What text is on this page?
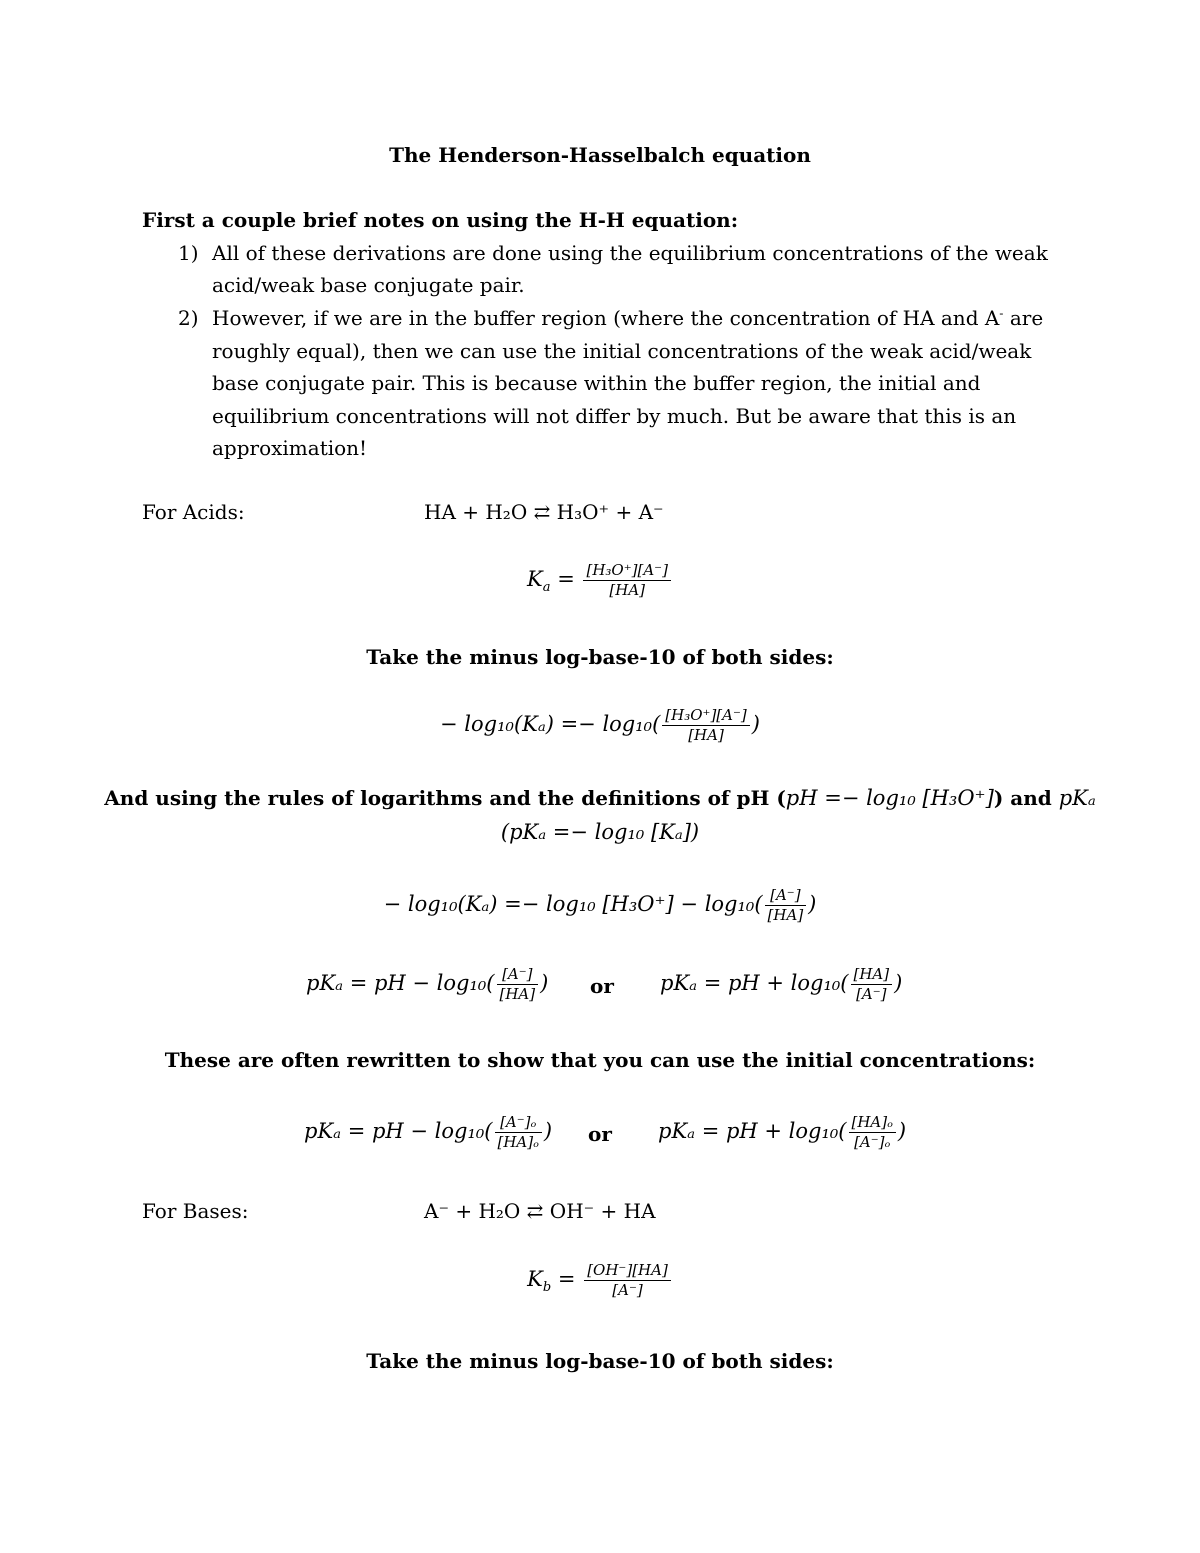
The Henderson-Hasselbalch equation
First a couple brief notes on using the H-H equation:
1) All of these derivations are done using the equilibrium concentrations of the weak
acid/weak base conjugate pair.
2) However, if we are in the buffer region (where the concentration of HA and A- are
roughly equal), then we can use the initial concentrations of the weak acid/weak
base conjugate pair. This is because within the buffer region, the initial and
equilibrium concentrations will not differ by much. But be aware that this is an
approximation!
For Acids:	HA + H₂O ⇄ H₃O⁺ + A⁻
$K_a = \frac{\text{[H₃O⁺][A⁻]}}{[HA]}$
Take the minus log-base-10 of both sides:
− $\log_{10}(K_a) =- \log_{10}( \frac{\text{[H₃O⁺][A⁻]}}{[HA]}$ )
And using the rules of logarithms and the definitions of pH (pH =− log₁₀ [H₃O⁺]) and pKₐ
(pKₐ =− log₁₀ [Kₐ])
− log₁₀(Kₐ) =− log₁₀ $[H_3O^+] - \log_{10}( \frac{[A^-]}{[HA]}$ )
pKₐ = pH − $\log_{10}( \frac{[A^-]}{[HA]}$ ) or pKₐ = pH + $\log_{10}( \frac{[HA]}{[A^-]}$ )
These are often rewritten to show that you can use the initial concentrations:
pKₐ = pH − $\log_{10}( \frac{\text{[A⁻]ₒ}}{\text{[HA]ₒ}}$ ) or pKₐ = pH + $\log_{10}( \frac{\text{[HA]ₒ}}{\text{[A⁻]ₒ}}$ )
For Bases:	A⁻ + H₂O ⇄ OH⁻ + HA
$K_b = \frac{[OH^-][HA]}{[A^-]}$
Take the minus log-base-10 of both sides:
